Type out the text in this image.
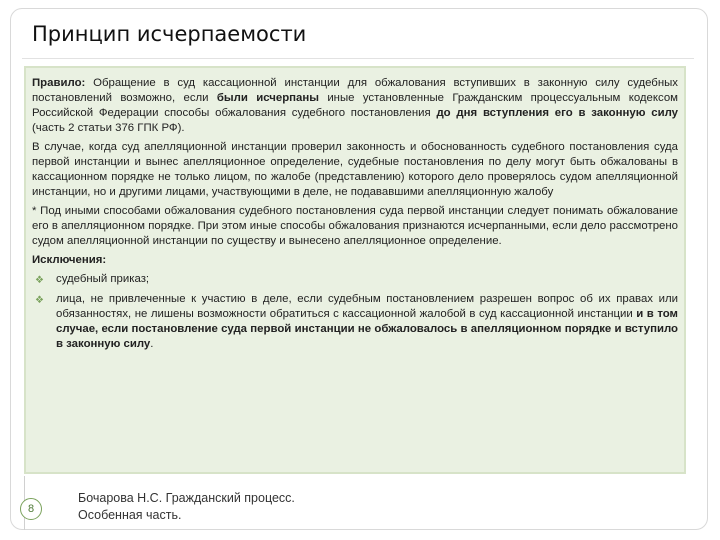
Принцип исчерпаемости

Правило: Обращение в суд кассационной инстанции для обжалования вступивших в законную силу судебных постановлений возможно, если были исчерпаны иные установленные Гражданским процессуальным кодексом Российской Федерации способы обжалования судебного постановления до дня вступления его в законную силу (часть 2 статьи 376 ГПК РФ).

В случае, когда суд апелляционной инстанции проверил законность и обоснованность судебного постановления суда первой инстанции и вынес апелляционное определение, судебные постановления по делу могут быть обжалованы в кассационном порядке не только лицом, по жалобе (представлению) которого дело проверялось судом апелляционной инстанции, но и другими лицами, участвующими в деле, не подававшими апелляционную жалобу

* Под иными способами обжалования судебного постановления суда первой инстанции следует понимать обжалование его в апелляционном порядке. При этом иные способы обжалования признаются исчерпанными, если дело рассмотрено судом апелляционной инстанции по существу и вынесено апелляционное определение.

Исключения:

❖ судебный приказ;
❖ лица, не привлеченные к участию в деле, если судебным постановлением разрешен вопрос об их правах или обязанностях, не лишены возможности обратиться с кассационной жалобой в суд кассационной инстанции и в том случае, если постановление суда первой инстанции не обжаловалось в апелляционном порядке и вступило в законную силу.
8
Бочарова Н.С. Гражданский процесс.
Особенная часть.
